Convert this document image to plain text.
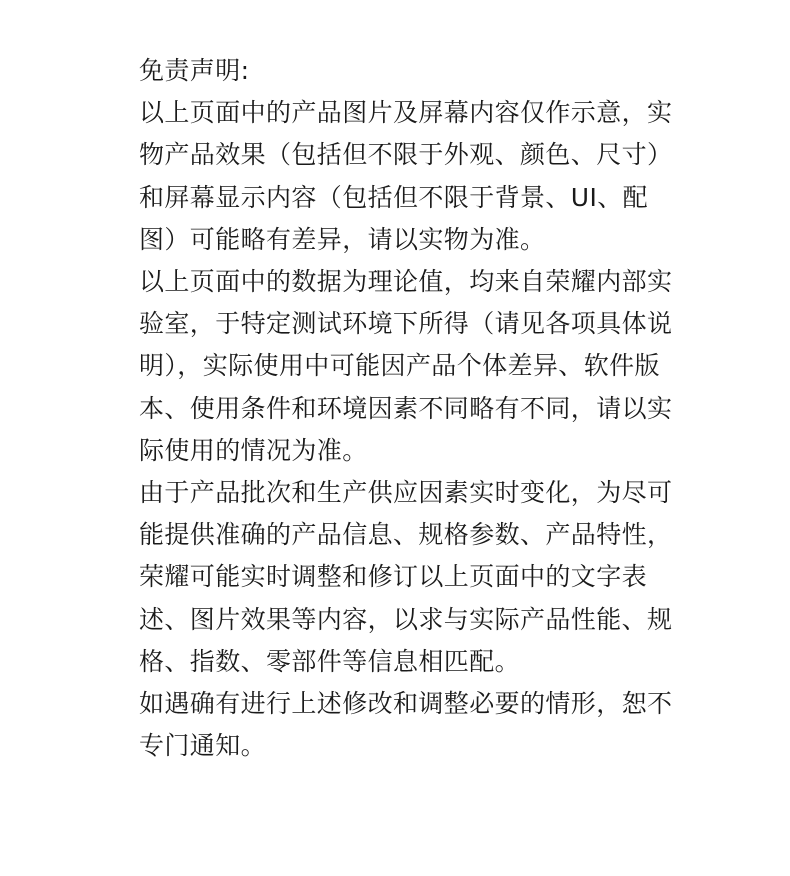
免责声明:
以上页面中的产品图片及屏幕内容仅作示意，实
物产品效果（包括但不限于外观、颜色、尺寸）
和屏幕显示内容（包括但不限于背景、UI、配
图）可能略有差异，请以实物为准。
以上页面中的数据为理论值，均来自荣耀内部实
验室，于特定测试环境下所得（请见各项具体说
明），实际使用中可能因产品个体差异、软件版
本、使用条件和环境因素不同略有不同，请以实
际使用的情况为准。
由于产品批次和生产供应因素实时变化，为尽可
能提供准确的产品信息、规格参数、产品特性，
荣耀可能实时调整和修订以上页面中的文字表
述、图片效果等内容，以求与实际产品性能、规
格、指数、零部件等信息相匹配。
如遇确有进行上述修改和调整必要的情形，恕不
专门通知。
